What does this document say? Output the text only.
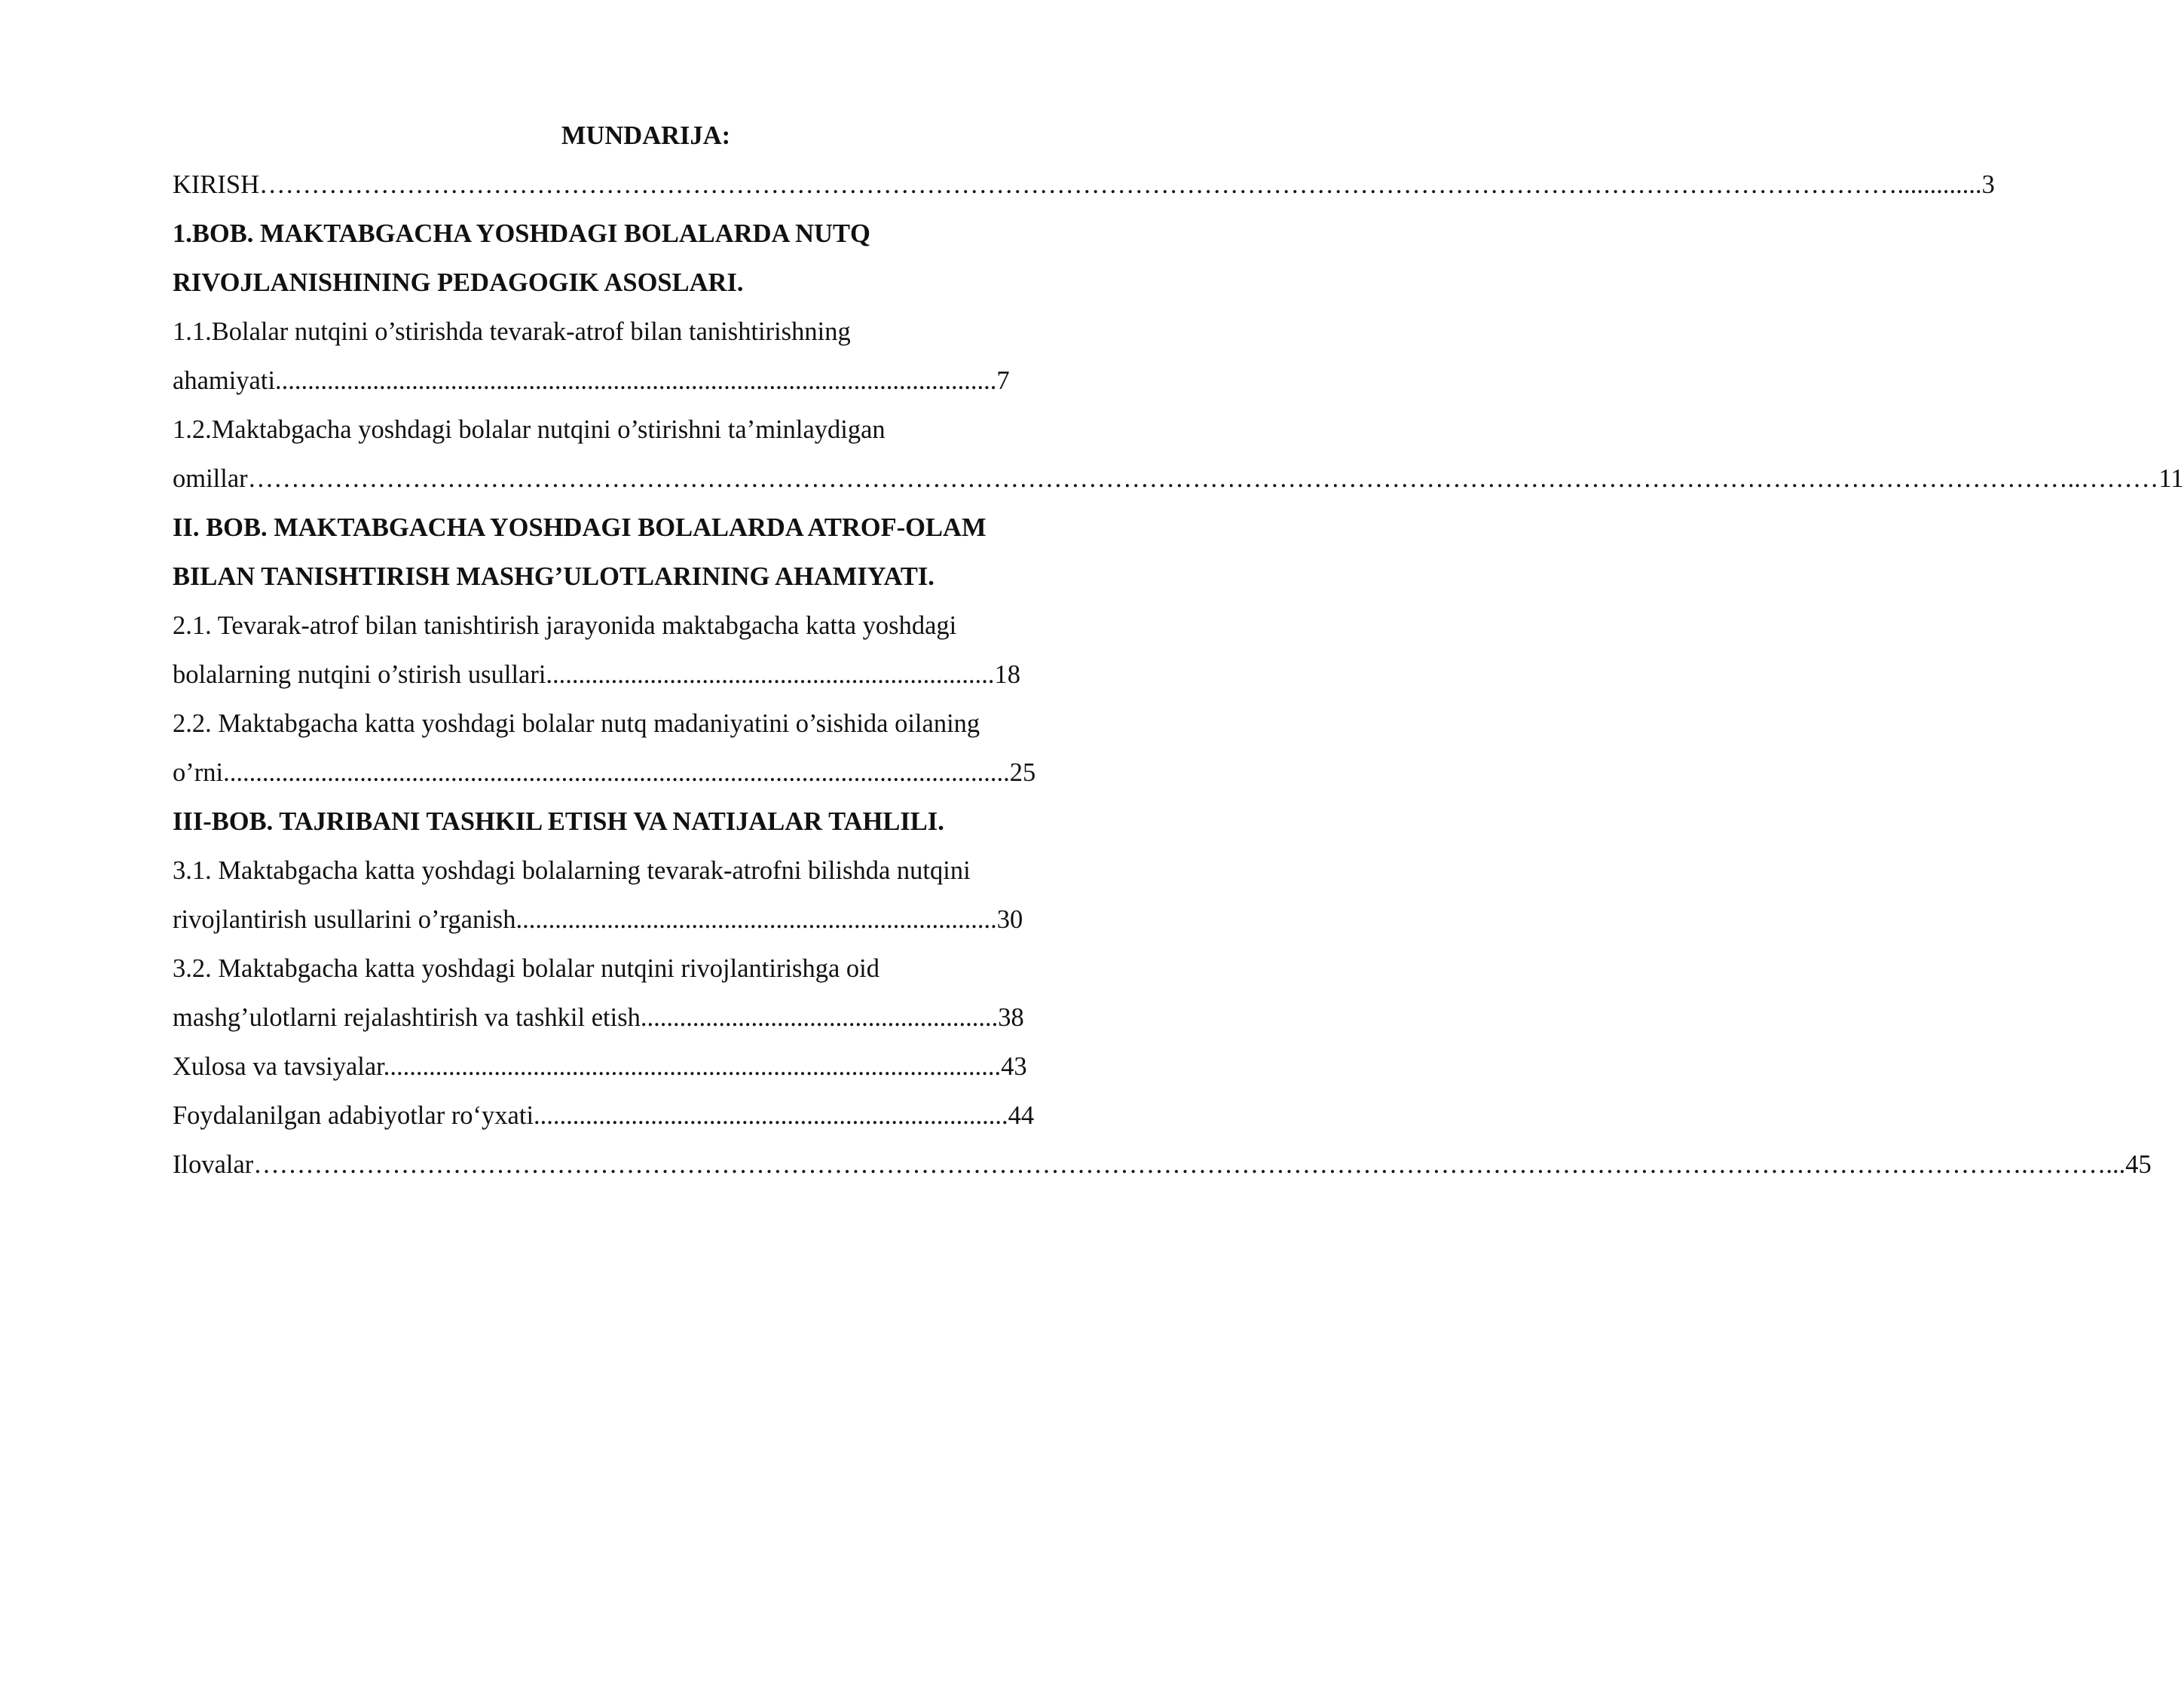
MUNDARIJA:
KIRISH……………………………………………………………………………………………………………………………………………………………………….............3
1.BOB. MAKTABGACHA YOSHDAGI BOLALARDA NUTQ
RIVOJLANISHINING PEDAGOGIK ASOSLARI.
1.1.Bolalar nutqini o’stirishda tevarak-atrof bilan tanishtirishning
ahamiyati...............................................................................................................7
1.2.Maktabgacha yoshdagi bolalar nutqini o’stirishni ta’minlaydigan
omillar…………………………………………………………………………………………………………………………………………………………………………………………..………11
II. BOB. MAKTABGACHA YOSHDAGI BOLALARDA ATROF-OLAM
BILAN TANISHTIRISH MASHG’ULOTLARINING AHAMIYATI.
2.1. Tevarak-atrof bilan tanishtirish jarayonida maktabgacha katta yoshdagi
bolalarning nutqini o’stirish usullari.....................................................................18
2.2. Maktabgacha katta yoshdagi bolalar nutq madaniyatini o’sishida oilaning
o’rni.........................................................................................................................25
III-BOB. TAJRIBANI TASHKIL ETISH VA NATIJALAR TAHLILI.
3.1. Maktabgacha katta yoshdagi bolalarning tevarak-atrofni bilishda nutqini
rivojlantirish usullarini o’rganish..........................................................................30
3.2. Maktabgacha katta yoshdagi bolalar nutqini rivojlantirishga oid
mashg’ulotlarni rejalashtirish va tashkil etish.......................................................38
Xulosa va tavsiyalar...............................................................................................43
Foydalanilgan adabiyotlar ro‘yxati.........................................................................44
Ilovalar…………………………………………………………………………………………………………………………………………………………………………………….………...45
